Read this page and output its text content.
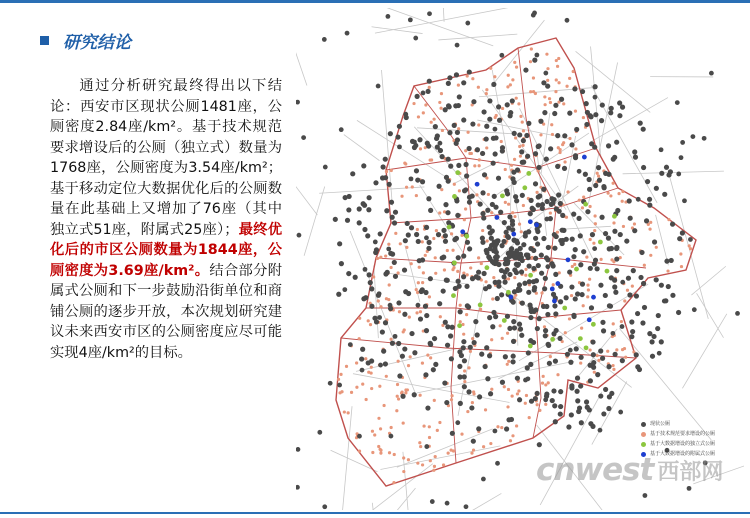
研究结论
通过分析研究最终得出以下结论：西安市区现状公厕1481座，公厕密度2.84座/km²。基于技术规范要求增设后的公厕（独立式）数量为1768座，公厕密度为3.54座/km²；基于移动定位大数据优化后的公厕数量在此基础上又增加了76座（其中独立式51座，附属式25座）；最终优化后的市区公厕数量为1844座，公厕密度为3.69座/km²。结合部分附属式公厕和下一步鼓励沿街单位和商铺公厕的逐步开放，本次规划研究建议未来西安市区的公厕密度应尽可能实现4座/km²的目标。
现状公厕
基于技术规范要求增设的公厕
基于大数据增设的独立式公厕
基于大数据增设的附属式公厕
cnwest 西部网
